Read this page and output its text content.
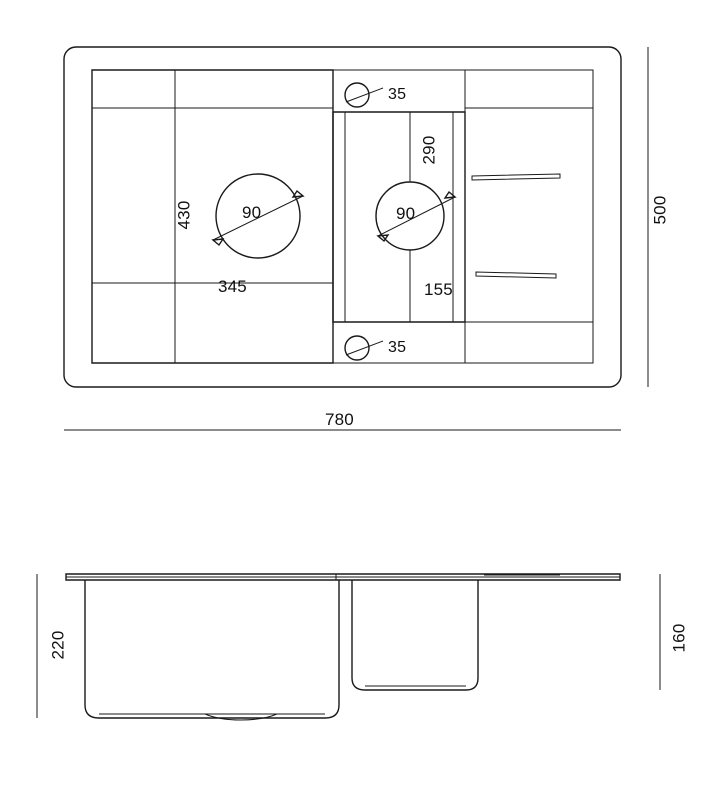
500
780
430
345
290
155
90	90
35
35
220	160
